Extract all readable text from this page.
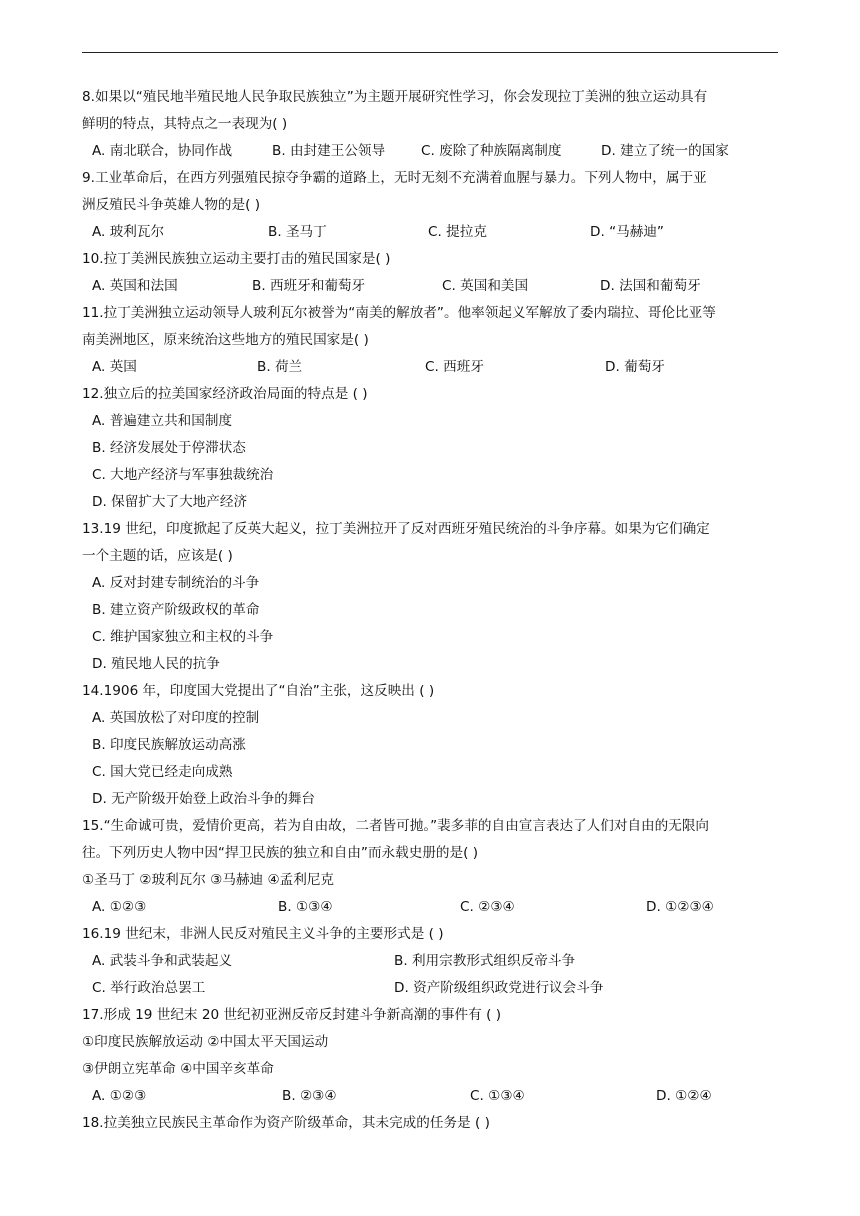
8.如果以“殖民地半殖民地人民争取民族独立”为主题开展研究性学习，你会发现拉丁美洲的独立运动具有

鲜明的特点，其特点之一表现为( )

A. 南北联合，协同作战	B. 由封建王公领导	C. 废除了种族隔离制度	D. 建立了统一的国家

9.工业革命后，在西方列强殖民掠夺争霸的道路上，无时无刻不充满着血腥与暴力。下列人物中，属于亚

洲反殖民斗争英雄人物的是( )

A. 玻利瓦尔	B. 圣马丁	C. 提拉克	D. “马赫迪”

10.拉丁美洲民族独立运动主要打击的殖民国家是( )

A. 英国和法国	B. 西班牙和葡萄牙	C. 英国和美国	D. 法国和葡萄牙

11.拉丁美洲独立运动领导人玻利瓦尔被誉为“南美的解放者”。他率领起义军解放了委内瑞拉、哥伦比亚等

南美洲地区，原来统治这些地方的殖民国家是( )

A. 英国	B. 荷兰	C. 西班牙	D. 葡萄牙

12.独立后的拉美国家经济政治局面的特点是 ( )

A. 普遍建立共和国制度

B. 经济发展处于停滞状态

C. 大地产经济与军事独裁统治

D. 保留扩大了大地产经济

13.19 世纪，印度掀起了反英大起义，拉丁美洲拉开了反对西班牙殖民统治的斗争序幕。如果为它们确定

一个主题的话，应该是( )

A. 反对封建专制统治的斗争

B. 建立资产阶级政权的革命

C. 维护国家独立和主权的斗争

D. 殖民地人民的抗争

14.1906 年，印度国大党提出了“自治”主张，这反映出 ( )

A. 英国放松了对印度的控制

B. 印度民族解放运动高涨

C. 国大党已经走向成熟

D. 无产阶级开始登上政治斗争的舞台

15.“生命诚可贵，爱情价更高，若为自由故，二者皆可抛。”裴多菲的自由宣言表达了人们对自由的无限向

往。下列历史人物中因“捍卫民族的独立和自由”而永载史册的是( )

①圣马丁 ②玻利瓦尔 ③马赫迪 ④孟利尼克

A. ①②③	B. ①③④	C. ②③④	D. ①②③④

16.19 世纪末，非洲人民反对殖民主义斗争的主要形式是 ( )

A. 武装斗争和武装起义	B. 利用宗教形式组织反帝斗争
C. 举行政治总罢工	D. 资产阶级组织政党进行议会斗争

17.形成 19 世纪末 20 世纪初亚洲反帝反封建斗争新高潮的事件有 ( )

①印度民族解放运动 ②中国太平天国运动

③伊朗立宪革命 ④中国辛亥革命

A. ①②③	B. ②③④	C. ①③④	D. ①②④

18.拉美独立民族民主革命作为资产阶级革命，其未完成的任务是 ( )
